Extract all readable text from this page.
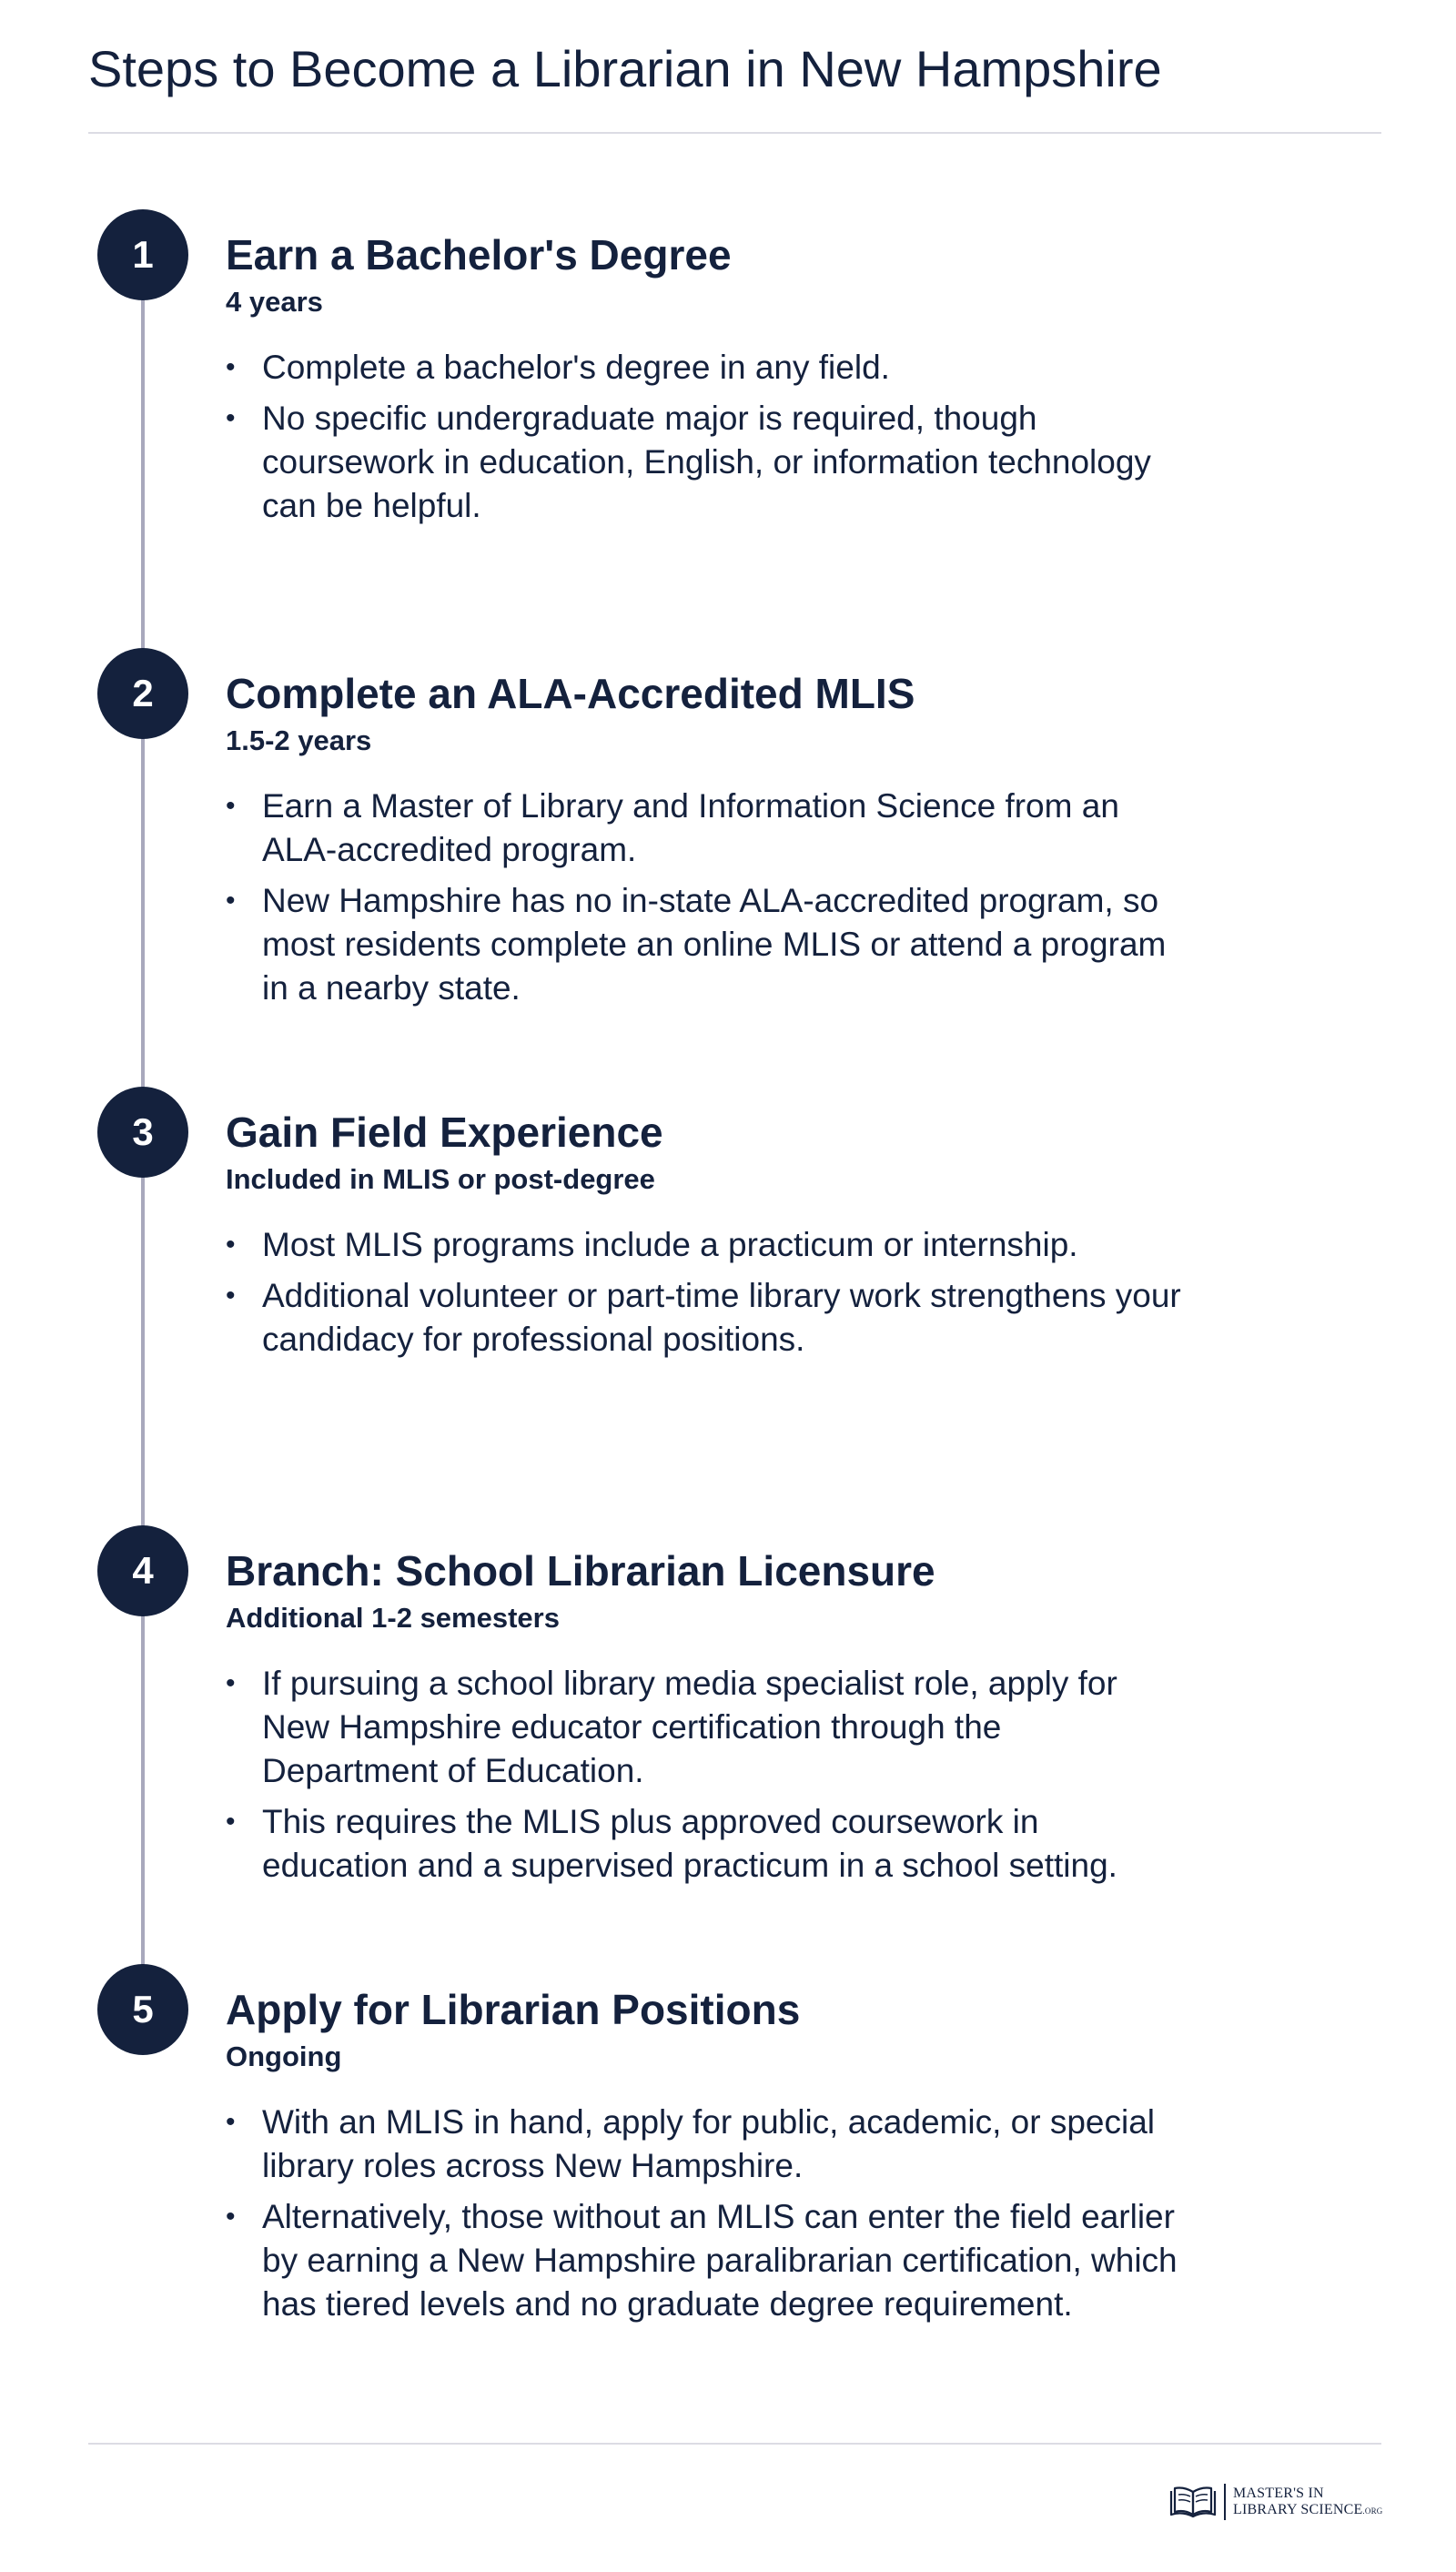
Steps to Become a Librarian in New Hampshire
1	Earn a Bachelor's Degree

4 years

• Complete a bachelor's degree in any field.
• No specific undergraduate major is required, though coursework in education, English, or information technology can be helpful.
2	Complete an ALA-Accredited MLIS

1.5-2 years

• Earn a Master of Library and Information Science from an ALA-accredited program.
• New Hampshire has no in-state ALA-accredited program, so most residents complete an online MLIS or attend a program in a nearby state.
3	Gain Field Experience

Included in MLIS or post-degree

• Most MLIS programs include a practicum or internship.
• Additional volunteer or part-time library work strengthens your candidacy for professional positions.
4	Branch: School Librarian Licensure

Additional 1-2 semesters

• If pursuing a school library media specialist role, apply for New Hampshire educator certification through the Department of Education.
• This requires the MLIS plus approved coursework in education and a supervised practicum in a school setting.
5	Apply for Librarian Positions

Ongoing

• With an MLIS in hand, apply for public, academic, or special library roles across New Hampshire.
• Alternatively, those without an MLIS can enter the field earlier by earning a New Hampshire paralibrarian certification, which has tiered levels and no graduate degree requirement.
MASTER'S IN
LIBRARY SCIENCE.ORG
